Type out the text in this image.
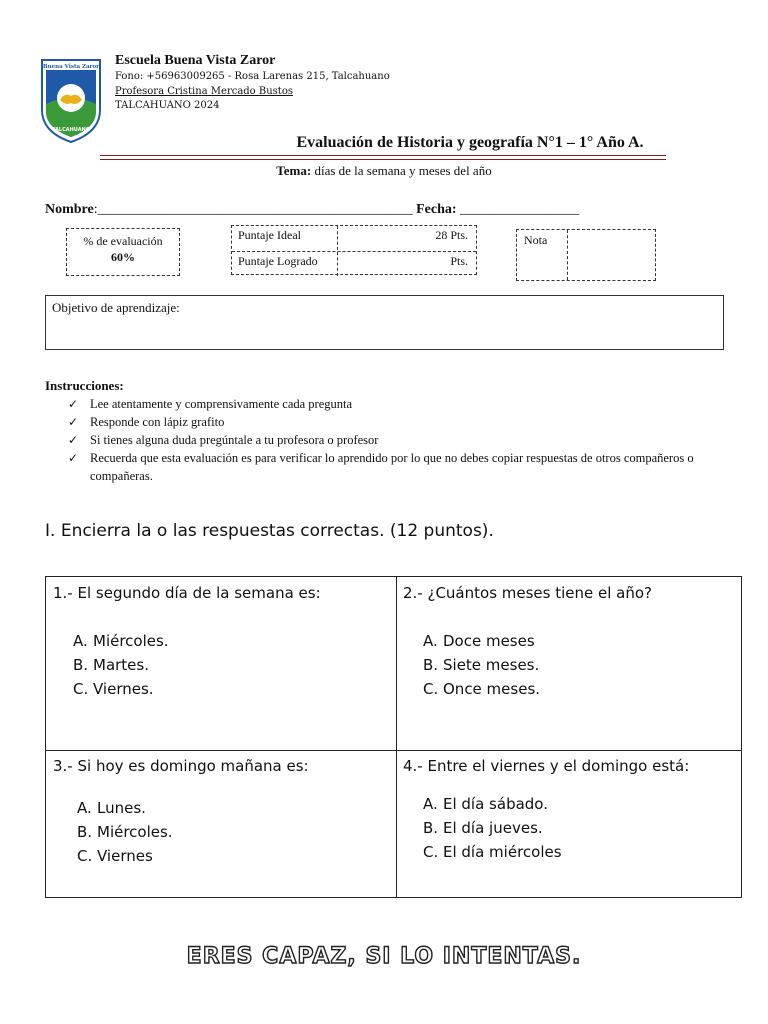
Buena Vista Zaror
TALCAHUANO
Escuela Buena Vista Zaror
Fono: +56963009265 - Rosa Larenas 215, Talcahuano
Profesora Cristina Mercado Bustos
TALCAHUANO 2024
Evaluación de Historia y geografía N°1 – 1° Año A.
Tema: días de la semana y meses del año
Nombre:_____________________________________________ Fecha: _________________
% de evaluación
60%
Puntaje Ideal	28 Pts.
Puntaje Logrado	Pts.
Nota
Objetivo de aprendizaje:
Instrucciones:
✓ Lee atentamente y comprensivamente cada pregunta
✓ Responde con lápiz grafito
✓ Si tienes alguna duda pregúntale a tu profesora o profesor
✓ Recuerda que esta evaluación es para verificar lo aprendido por lo que no debes copiar respuestas de otros compañeros o compañeras.
I. Encierra la o las respuestas correctas. (12 puntos).
1.- El segundo día de la semana es:
A. Miércoles.
B. Martes.
C. Viernes.
2.- ¿Cuántos meses tiene el año?
A. Doce meses
B. Siete meses.
C. Once meses.
3.- Si hoy es domingo mañana es:
A. Lunes.
B. Miércoles.
C. Viernes
4.- Entre el viernes y el domingo está:
A. El día sábado.
B. El día jueves.
C. El día miércoles
ERES CAPAZ, SI LO INTENTAS.
